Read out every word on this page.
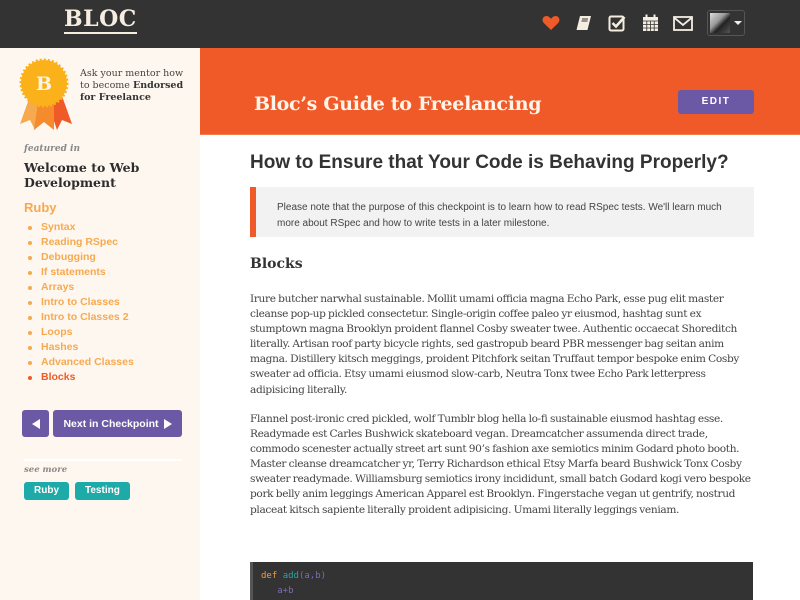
BLOC
B	Ask your mentor how to become Endorsed for Freelance
featured in
Welcome to Web Development
Ruby
Syntax
Reading RSpec
Debugging
If statements
Arrays
Intro to Classes
Intro to Classes 2
Loops
Hashes
Advanced Classes
Blocks
Next in Checkpoint
see more
Ruby	Testing
Bloc’s Guide to Freelancing	EDIT
How to Ensure that Your Code is Behaving Properly?
Please note that the purpose of this checkpoint is to learn how to read RSpec tests. We'll learn much more about RSpec and how to write tests in a later milestone.
Blocks

Irure butcher narwhal sustainable. Mollit umami officia magna Echo Park, esse pug elit master cleanse pop-up pickled consectetur. Single-origin coffee paleo yr eiusmod, hashtag sunt ex stumptown magna Brooklyn proident flannel Cosby sweater twee. Authentic occaecat Shoreditch literally. Artisan roof party bicycle rights, sed gastropub beard PBR messenger bag seitan anim magna. Distillery kitsch meggings, proident Pitchfork seitan Truffaut tempor bespoke enim Cosby sweater ad officia. Etsy umami eiusmod slow-carb, Neutra Tonx twee Echo Park letterpress adipisicing literally.

Flannel post-ironic cred pickled, wolf Tumblr blog hella lo-fi sustainable eiusmod hashtag esse. Readymade est Carles Bushwick skateboard vegan. Dreamcatcher assumenda direct trade, commodo scenester actually street art sunt 90’s fashion axe semiotics minim Godard photo booth. Master cleanse dreamcatcher yr, Terry Richardson ethical Etsy Marfa beard Bushwick Tonx Cosby sweater readymade. Williamsburg semiotics irony incididunt, small batch Godard kogi vero bespoke pork belly anim leggings American Apparel est Brooklyn. Fingerstache vegan ut gentrify, nostrud placeat kitsch sapiente literally proident adipisicing. Umami literally leggings veniam.

def add(a,b)
a+b
